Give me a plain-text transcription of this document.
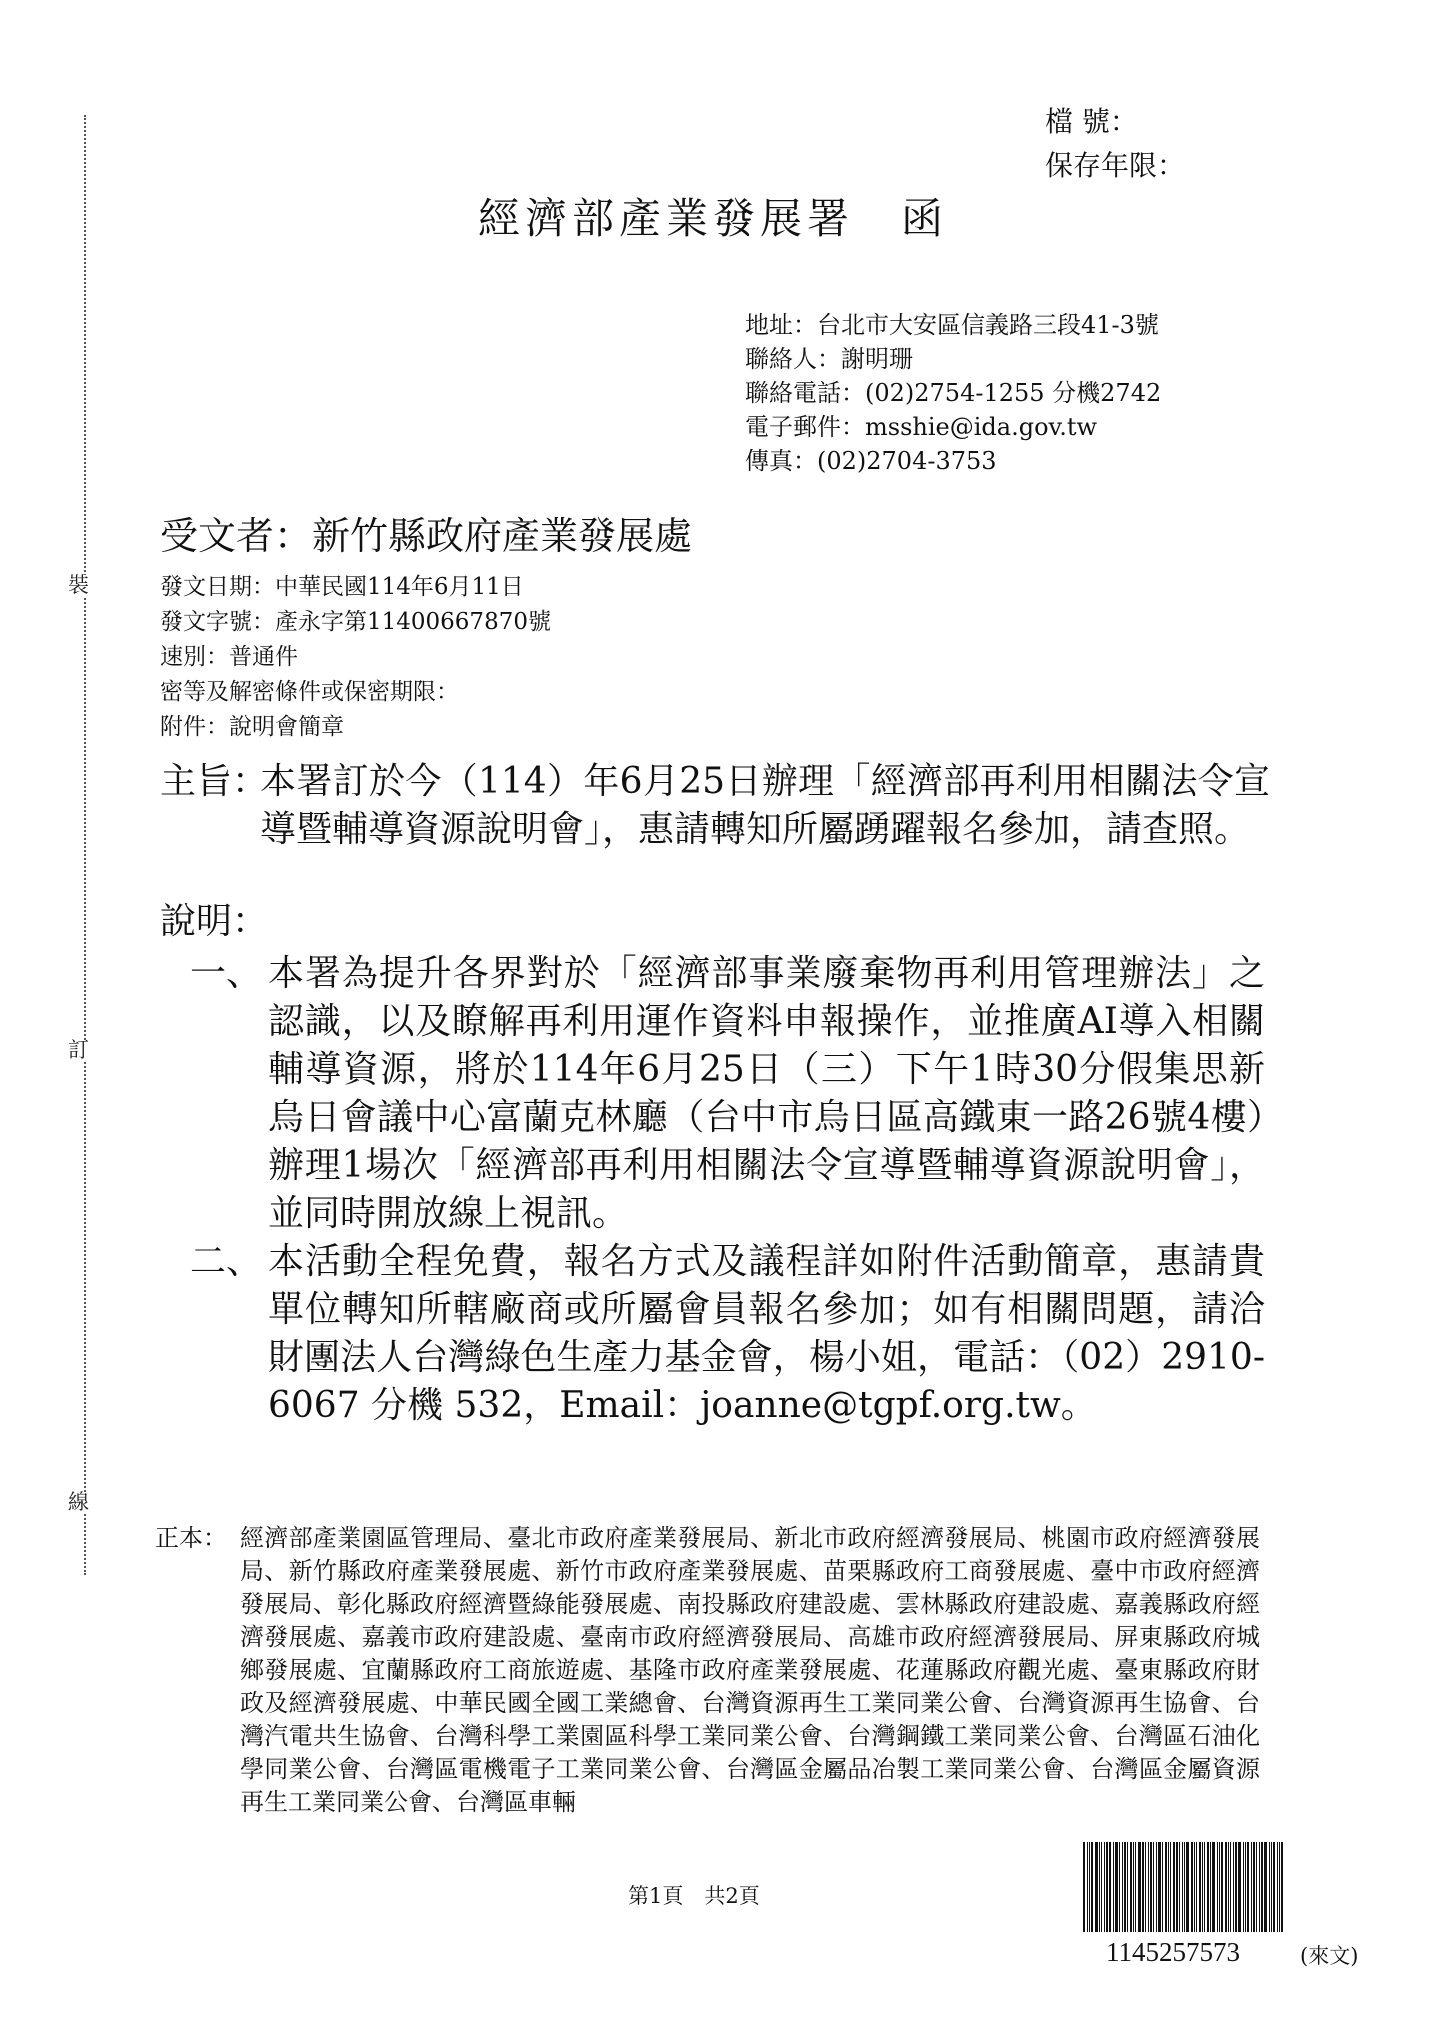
裝
訂
線
檔 號：
保存年限：
經濟部產業發展署　函
地址：台北市大安區信義路三段41-3號
聯絡人：謝明珊
聯絡電話：(02)2754-1255 分機2742
電子郵件：msshie@ida.gov.tw
傳真：(02)2704-3753
受文者：新竹縣政府產業發展處
發文日期：中華民國114年6月11日
發文字號：產永字第11400667870號
速別：普通件
密等及解密條件或保密期限：
附件：說明會簡章
主旨：
本署訂於今（114）年6月25日辦理「經濟部再利用相關法令宣導暨輔導資源說明會」，惠請轉知所屬踴躍報名參加，請查照。
說明：
一、 本署為提升各界對於「經濟部事業廢棄物再利用管理辦法」之認識，以及瞭解再利用運作資料申報操作，並推廣AI導入相關輔導資源，將於114年6月25日（三）下午1時30分假集思新烏日會議中心富蘭克林廳（台中市烏日區高鐵東一路26號4樓）辦理1場次「經濟部再利用相關法令宣導暨輔導資源說明會」，並同時開放線上視訊。
二、 本活動全程免費，報名方式及議程詳如附件活動簡章，惠請貴單位轉知所轄廠商或所屬會員報名參加；如有相關問題，請洽財團法人台灣綠色生產力基金會，楊小姐，電話：（02）2910-6067 分機 532，Email：joanne@tgpf.org.tw。
正本： 經濟部產業園區管理局、臺北市政府產業發展局、新北市政府經濟發展局、桃園市政府經濟發展局、新竹縣政府產業發展處、新竹市政府產業發展處、苗栗縣政府工商發展處、臺中市政府經濟發展局、彰化縣政府經濟暨綠能發展處、南投縣政府建設處、雲林縣政府建設處、嘉義縣政府經濟發展處、嘉義市政府建設處、臺南市政府經濟發展局、高雄市政府經濟發展局、屏東縣政府城鄉發展處、宜蘭縣政府工商旅遊處、基隆市政府產業發展處、花蓮縣政府觀光處、臺東縣政府財政及經濟發展處、中華民國全國工業總會、台灣資源再生工業同業公會、台灣資源再生協會、台灣汽電共生協會、台灣科學工業園區科學工業同業公會、台灣鋼鐵工業同業公會、台灣區石油化學同業公會、台灣區電機電子工業同業公會、台灣區金屬品冶製工業同業公會、台灣區金屬資源再生工業同業公會、台灣區車輛
第1頁　共2頁
1145257573	(來文)
